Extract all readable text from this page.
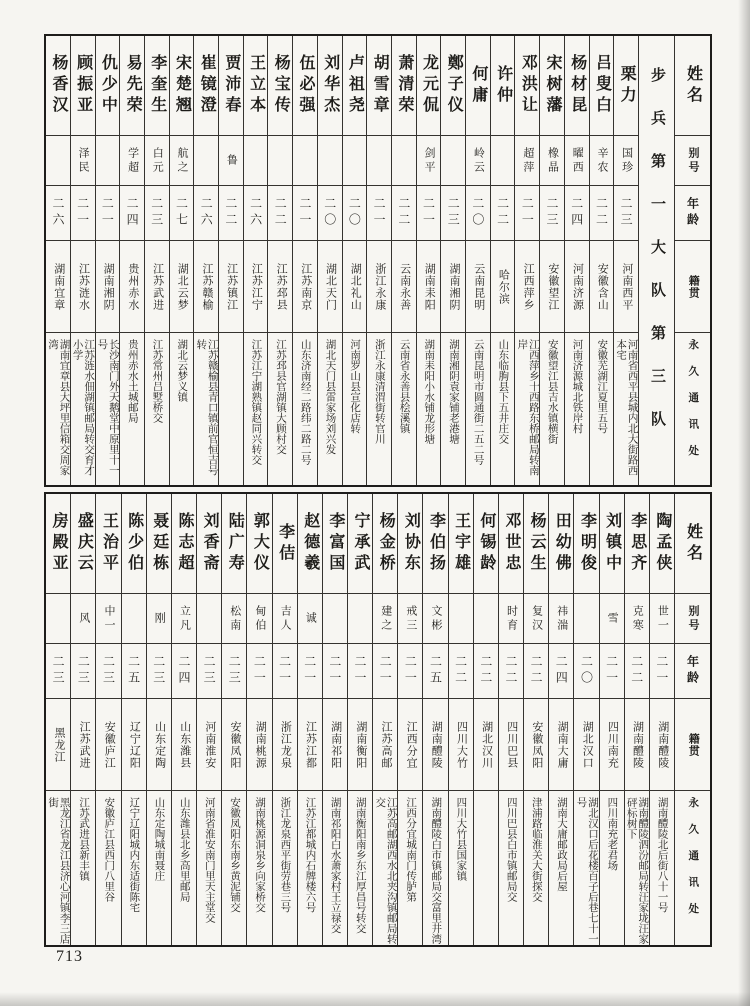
姓名
别号
年龄
籍贯
永久通讯处
步兵第一大队第三队
栗力
国珍
二三
河南西平
河南省西平县城内北大街路西本宅
吕叟白
辛农
二二
安徽含山
安徽芜湖江夏里五号
杨材昆
曜西
二四
河南济源
河南济源城北铁岸村
宋树藩
橡晶
二三
安徽望江
安徽望江县吉水镇横街
邓洪让
超萍
二一
江西萍乡
江西萍乡十西路东桥邮局转南岸
许仲
二二
哈尔滨
山东临朐县下五井庄交
何庸
岭云
二〇
云南昆明
云南昆明市圆通街二五二号
鄭子仪
二三
湖南湘阴
湖南湘阴袁家铺老港塘
龙元侃
剑平
二一
湖南耒阳
湖南耒阳小水铺龙形塘
萧清荣
二二
云南永善
云南省永善县桧溪镇
胡雪章
二一
浙江永康
浙江永康清渭街转官川
卢祖尧
二〇
湖北礼山
河南罗山县宣化店转
刘华杰
二〇
湖北天门
湖北天门县雷家场刘兴发
伍必强
二一
江苏南京
山东济南经二路纬二路二号
杨宝传
二二
江苏邳县
江苏邳县官湖镇大顾村交
王立本
二六
江苏江宁
江苏江宁湖熟镇赵同兴转交
贾沛春
鲁
二二
江苏镇江
崔镜澄
二六
江苏赣榆
江苏赣榆县青口镇前官恒吉号转
宋楚翘
航之
二七
湖北云梦
湖北云梦义镇
李奎生
白元
二三
江苏武进
江苏常州吕墅桥交
易先荣
学超
二四
贵州赤水
贵州赤水土城邮局
仇少中
二一
湖南湘阴
长沙南门外天鹅堂中原里十一号
顾振亚
泽民
二一
江苏涟水
江苏涟水佃湖镇邮局转交育才小学
杨香汉
二六
湖南宜章
湖南宜章县大坪里信箱交周家湾
姓名
别号
年龄
籍贯
永久通讯处
陶孟侠
世一
二一
湖南醴陵
湖南醴陵北后街八十一号
李思齐
克寒
二二
湖南醴陵
湖南醴陵泗汾邮局转汪家垅汪家砰标树下
刘镇中
雪
二一
四川南充
四川南充老君场
李明俊
二〇
湖北汉口
湖北汉口后花楼百子后巷七十一号
田幼佛
祎湍
二四
湖南大庸
湖南大庸邮政局后屋
杨云生
复汉
二二
安徽凤阳
津浦路临淮关大街探交
邓世忠
时育
二二
四川巴县
四川巴县白市镇邮局交
何锡龄
二二
湖北汉川
王宇雄
二二
四川大竹
四川大竹县国家镇
李伯扬
文彬
二五
湖南醴陵
湖南醴陵白市镇邮局交富里井湾
刘协东
戒三
二一
江西分宜
江西分宜城南门传胪第
杨金桥
建之
二一
江苏高邮
江苏高邮湖西水北夹沟镇邮局转交
宁承武
二一
湖南衡阳
湖南衡阳南乡东江厚昌号转交
李富国
二一
湖南祁阳
湖南祁阳白水萧家村王立禄交
赵德羲
诚
二一
江苏江都
江苏江都城内石牌楼六号
李佶
吉人
二一
浙江龙泉
浙江龙泉西平街劳巷三号
郭大仪
甸伯
二一
湖南桃源
湖南桃源洞泉乡向家桥交
陆广寿
松南
二三
安徽凤阳
安徽凤阳东南乡黄泥铺交
刘香斋
二三
河南淮安
河南省淮安南门里天主堂交
陈志超
立凡
二四
山东潍县
山东潍县北乡高里邮局
聂廷栋
刚
二三
山东定陶
山东定陶城南聂庄
陈少伯
二五
辽宁辽阳
辽宁辽阳城内东适街陈宅
王治平
中一
二三
安徽庐江
安徽庐江县西门八里谷
盛庆云
风
二三
江苏武进
江苏武进县新丰镇
房殿亚
二三
黑龙江
黑龙江省龙江县济心河镇李三店街
713
